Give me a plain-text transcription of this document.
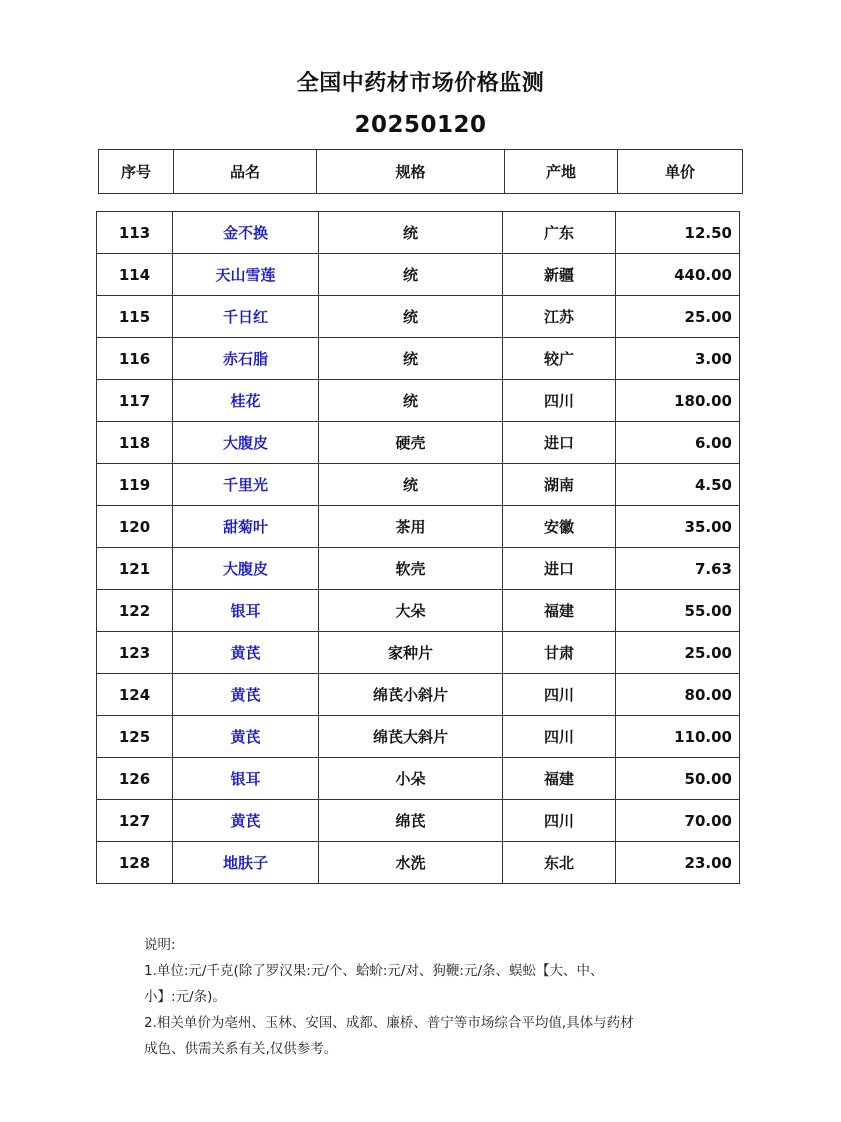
全国中药材市场价格监测
20250120
序号	品名	规格	产地	单价
113	金不换	统	广东	12.50
114	天山雪莲	统	新疆	440.00
115	千日红	统	江苏	25.00
116	赤石脂	统	较广	3.00
117	桂花	统	四川	180.00
118	大腹皮	硬壳	进口	6.00
119	千里光	统	湖南	4.50
120	甜菊叶	茶用	安徽	35.00
121	大腹皮	软壳	进口	7.63
122	银耳	大朵	福建	55.00
123	黄芪	家种片	甘肃	25.00
124	黄芪	绵芪小斜片	四川	80.00
125	黄芪	绵芪大斜片	四川	110.00
126	银耳	小朵	福建	50.00
127	黄芪	绵芪	四川	70.00
128	地肤子	水洗	东北	23.00

说明:

1.单位:元/千克(除了罗汉果:元/个、蛤蚧:元/对、狗鞭:元/条、蜈蚣【大、中、

小】:元/条)。

2.相关单价为亳州、玉林、安国、成都、廉桥、普宁等市场综合平均值,具体与药材

成色、供需关系有关,仅供参考。
